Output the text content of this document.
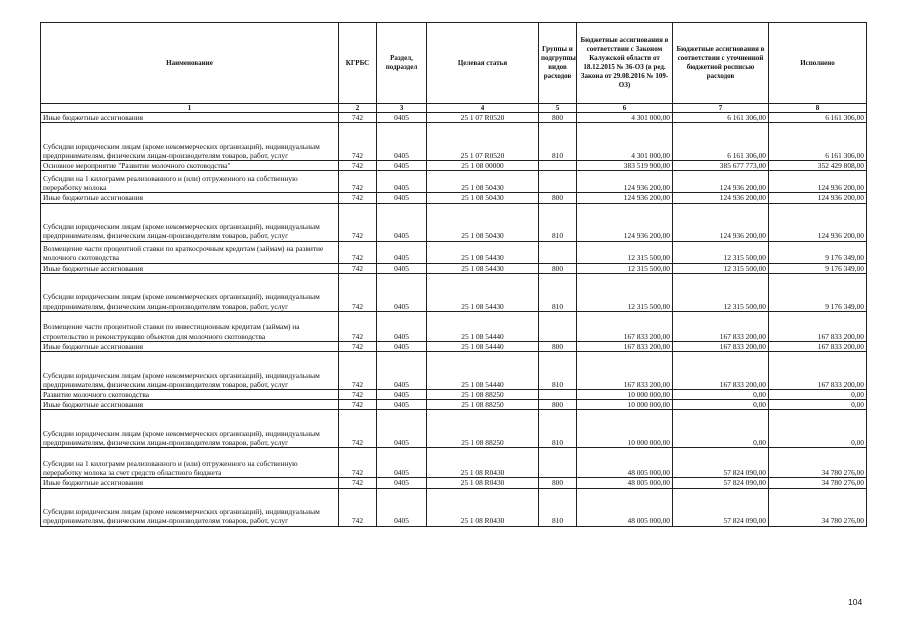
Наименование	КГРБС	Раздел, подраздел	Целевая статья	Группы и подгруппы видов расходов	Бюджетные ассигнования в соответствии с Законом Калужской области от 18.12.2015 № 36-ОЗ (в ред. Закона от 29.08.2016 № 109-ОЗ)	Бюджетные ассигнования в соответствии с уточненной бюджетной росписью расходов	Исполнено
1	2	3	4	5	6	7	8
Иные бюджетные ассигнования	742	0405	25 1 07 R0520	800	4 301 000,00	6 161 306,00	6 161 306,00
Субсидии юридическим лицам (кроме некоммерческих организаций), индивидуальным предпринимателям, физическим лицам-производителям товаров, работ, услуг	742	0405	25 1 07 R0520	810	4 301 000,00	6 161 306,00	6 161 306,00
Основное мероприятие "Развитие молочного скотоводства"	742	0405	25 1 08 00000		383 519 900,00	385 677 773,00	352 429 808,00
Субсидии на 1 килограмм реализованного и (или) отгруженного на собственную переработку молока	742	0405	25 1 08 50430		124 936 200,00	124 936 200,00	124 936 200,00
Иные бюджетные ассигнования	742	0405	25 1 08 50430	800	124 936 200,00	124 936 200,00	124 936 200,00
Субсидии юридическим лицам (кроме некоммерческих организаций), индивидуальным предпринимателям, физическим лицам-производителям товаров, работ, услуг	742	0405	25 1 08 50430	810	124 936 200,00	124 936 200,00	124 936 200,00
Возмещение части процентной ставки по краткосрочным кредитам (займам) на развитие молочного скотоводства	742	0405	25 1 08 54430		12 315 500,00	12 315 500,00	9 176 349,00
Иные бюджетные ассигнования	742	0405	25 1 08 54430	800	12 315 500,00	12 315 500,00	9 176 349,00
Субсидии юридическим лицам (кроме некоммерческих организаций), индивидуальным предпринимателям, физическим лицам-производителям товаров, работ, услуг	742	0405	25 1 08 54430	810	12 315 500,00	12 315 500,00	9 176 349,00
Возмещение части процентной ставки по инвестиционным кредитам (займам) на строительство и реконструкцию объектов для молочного скотоводства	742	0405	25 1 08 54440		167 833 200,00	167 833 200,00	167 833 200,00
Иные бюджетные ассигнования	742	0405	25 1 08 54440	800	167 833 200,00	167 833 200,00	167 833 200,00
Субсидии юридическим лицам (кроме некоммерческих организаций), индивидуальным предпринимателям, физическим лицам-производителям товаров, работ, услуг	742	0405	25 1 08 54440	810	167 833 200,00	167 833 200,00	167 833 200,00
Развитие молочного скотоводства	742	0405	25 1 08 88250		10 000 000,00	0,00	0,00
Иные бюджетные ассигнования	742	0405	25 1 08 88250	800	10 000 000,00	0,00	0,00
Субсидии юридическим лицам (кроме некоммерческих организаций), индивидуальным предпринимателям, физическим лицам-производителям товаров, работ, услуг	742	0405	25 1 08 88250	810	10 000 000,00	0,00	0,00
Субсидии на 1 килограмм реализованного и (или) отгруженного на собственную переработку молока за счет средств областного бюджета	742	0405	25 1 08 R0430		48 005 000,00	57 824 090,00	34 780 276,00
Иные бюджетные ассигнования	742	0405	25 1 08 R0430	800	48 005 000,00	57 824 090,00	34 780 276,00
Субсидии юридическим лицам (кроме некоммерческих организаций), индивидуальным предпринимателям, физическим лицам-производителям товаров, работ, услуг	742	0405	25 1 08 R0430	810	48 005 000,00	57 824 090,00	34 780 276,00
104
